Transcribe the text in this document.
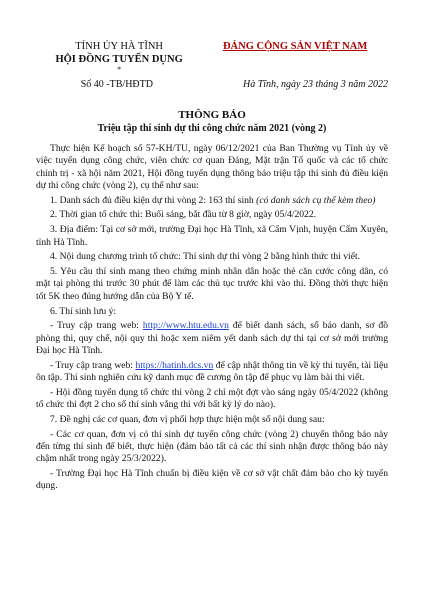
TỈNH ỦY HÀ TĨNH
HỘI ĐỒNG TUYỂN DỤNG
*
ĐẢNG CỘNG SẢN VIỆT NAM
Số 40 -TB/HĐTD	Hà Tĩnh, ngày 23 tháng 3 năm 2022
THÔNG BÁO
Triệu tập thí sinh dự thi công chức năm 2021 (vòng 2)

Thực hiện Kế hoạch số 57-KH/TU, ngày 06/12/2021 của Ban Thường vụ Tỉnh ủy về việc tuyển dụng công chức, viên chức cơ quan Đảng, Mặt trận Tổ quốc và các tổ chức chính trị - xã hội năm 2021, Hội đồng tuyển dụng thông báo triệu tập thí sinh đủ điều kiện dự thi công chức (vòng 2), cụ thể như sau:

1. Danh sách đủ điều kiện dự thi vòng 2: 163 thí sinh (có danh sách cụ thể kèm theo)

2. Thời gian tổ chức thi: Buổi sáng, bắt đầu từ 8 giờ, ngày 05/4/2022.

3. Địa điểm: Tại cơ sở mới, trường Đại học Hà Tĩnh, xã Cẩm Vịnh, huyện Cẩm Xuyên, tỉnh Hà Tĩnh.

4. Nội dung chương trình tổ chức: Thí sinh dự thi vòng 2 bằng hình thức thi viết.

5. Yêu cầu thí sinh mang theo chứng minh nhân dân hoặc thẻ căn cước công dân, có mặt tại phòng thi trước 30 phút để làm các thủ tục trước khi vào thi. Đồng thời thực hiện tốt 5K theo đúng hướng dẫn của Bộ Y tế.

6. Thí sinh lưu ý:

- Truy cập trang web: http://www.htu.edu.vn để biết danh sách, số báo danh, sơ đồ phòng thi, quy chế, nội quy thi hoặc xem niêm yết danh sách dự thi tại cơ sở mới trường Đại học Hà Tĩnh.

- Truy cập trang web: https://hatinh.dcs.vn để cập nhật thông tin về kỳ thi tuyển, tài liệu ôn tập. Thí sinh nghiên cứu kỹ danh mục đề cương ôn tập để phục vụ làm bài thi viết.

- Hội đồng tuyển dụng tổ chức thi vòng 2 chỉ một đợt vào sáng ngày 05/4/2022 (không tổ chức thi đợt 2 cho số thí sinh vắng thi với bất kỳ lý do nào).

7. Đề nghị các cơ quan, đơn vị phối hợp thực hiện một số nội dung sau:

- Các cơ quan, đơn vị có thí sinh dự tuyển công chức (vòng 2) chuyển thông báo này đến từng thí sinh để biết, thực hiện (đảm bảo tất cả các thí sinh nhận được thông báo này chậm nhất trong ngày 25/3/2022).

- Trường Đại học Hà Tĩnh chuẩn bị điều kiện về cơ sở vật chất đảm bảo cho kỳ tuyển dụng.
